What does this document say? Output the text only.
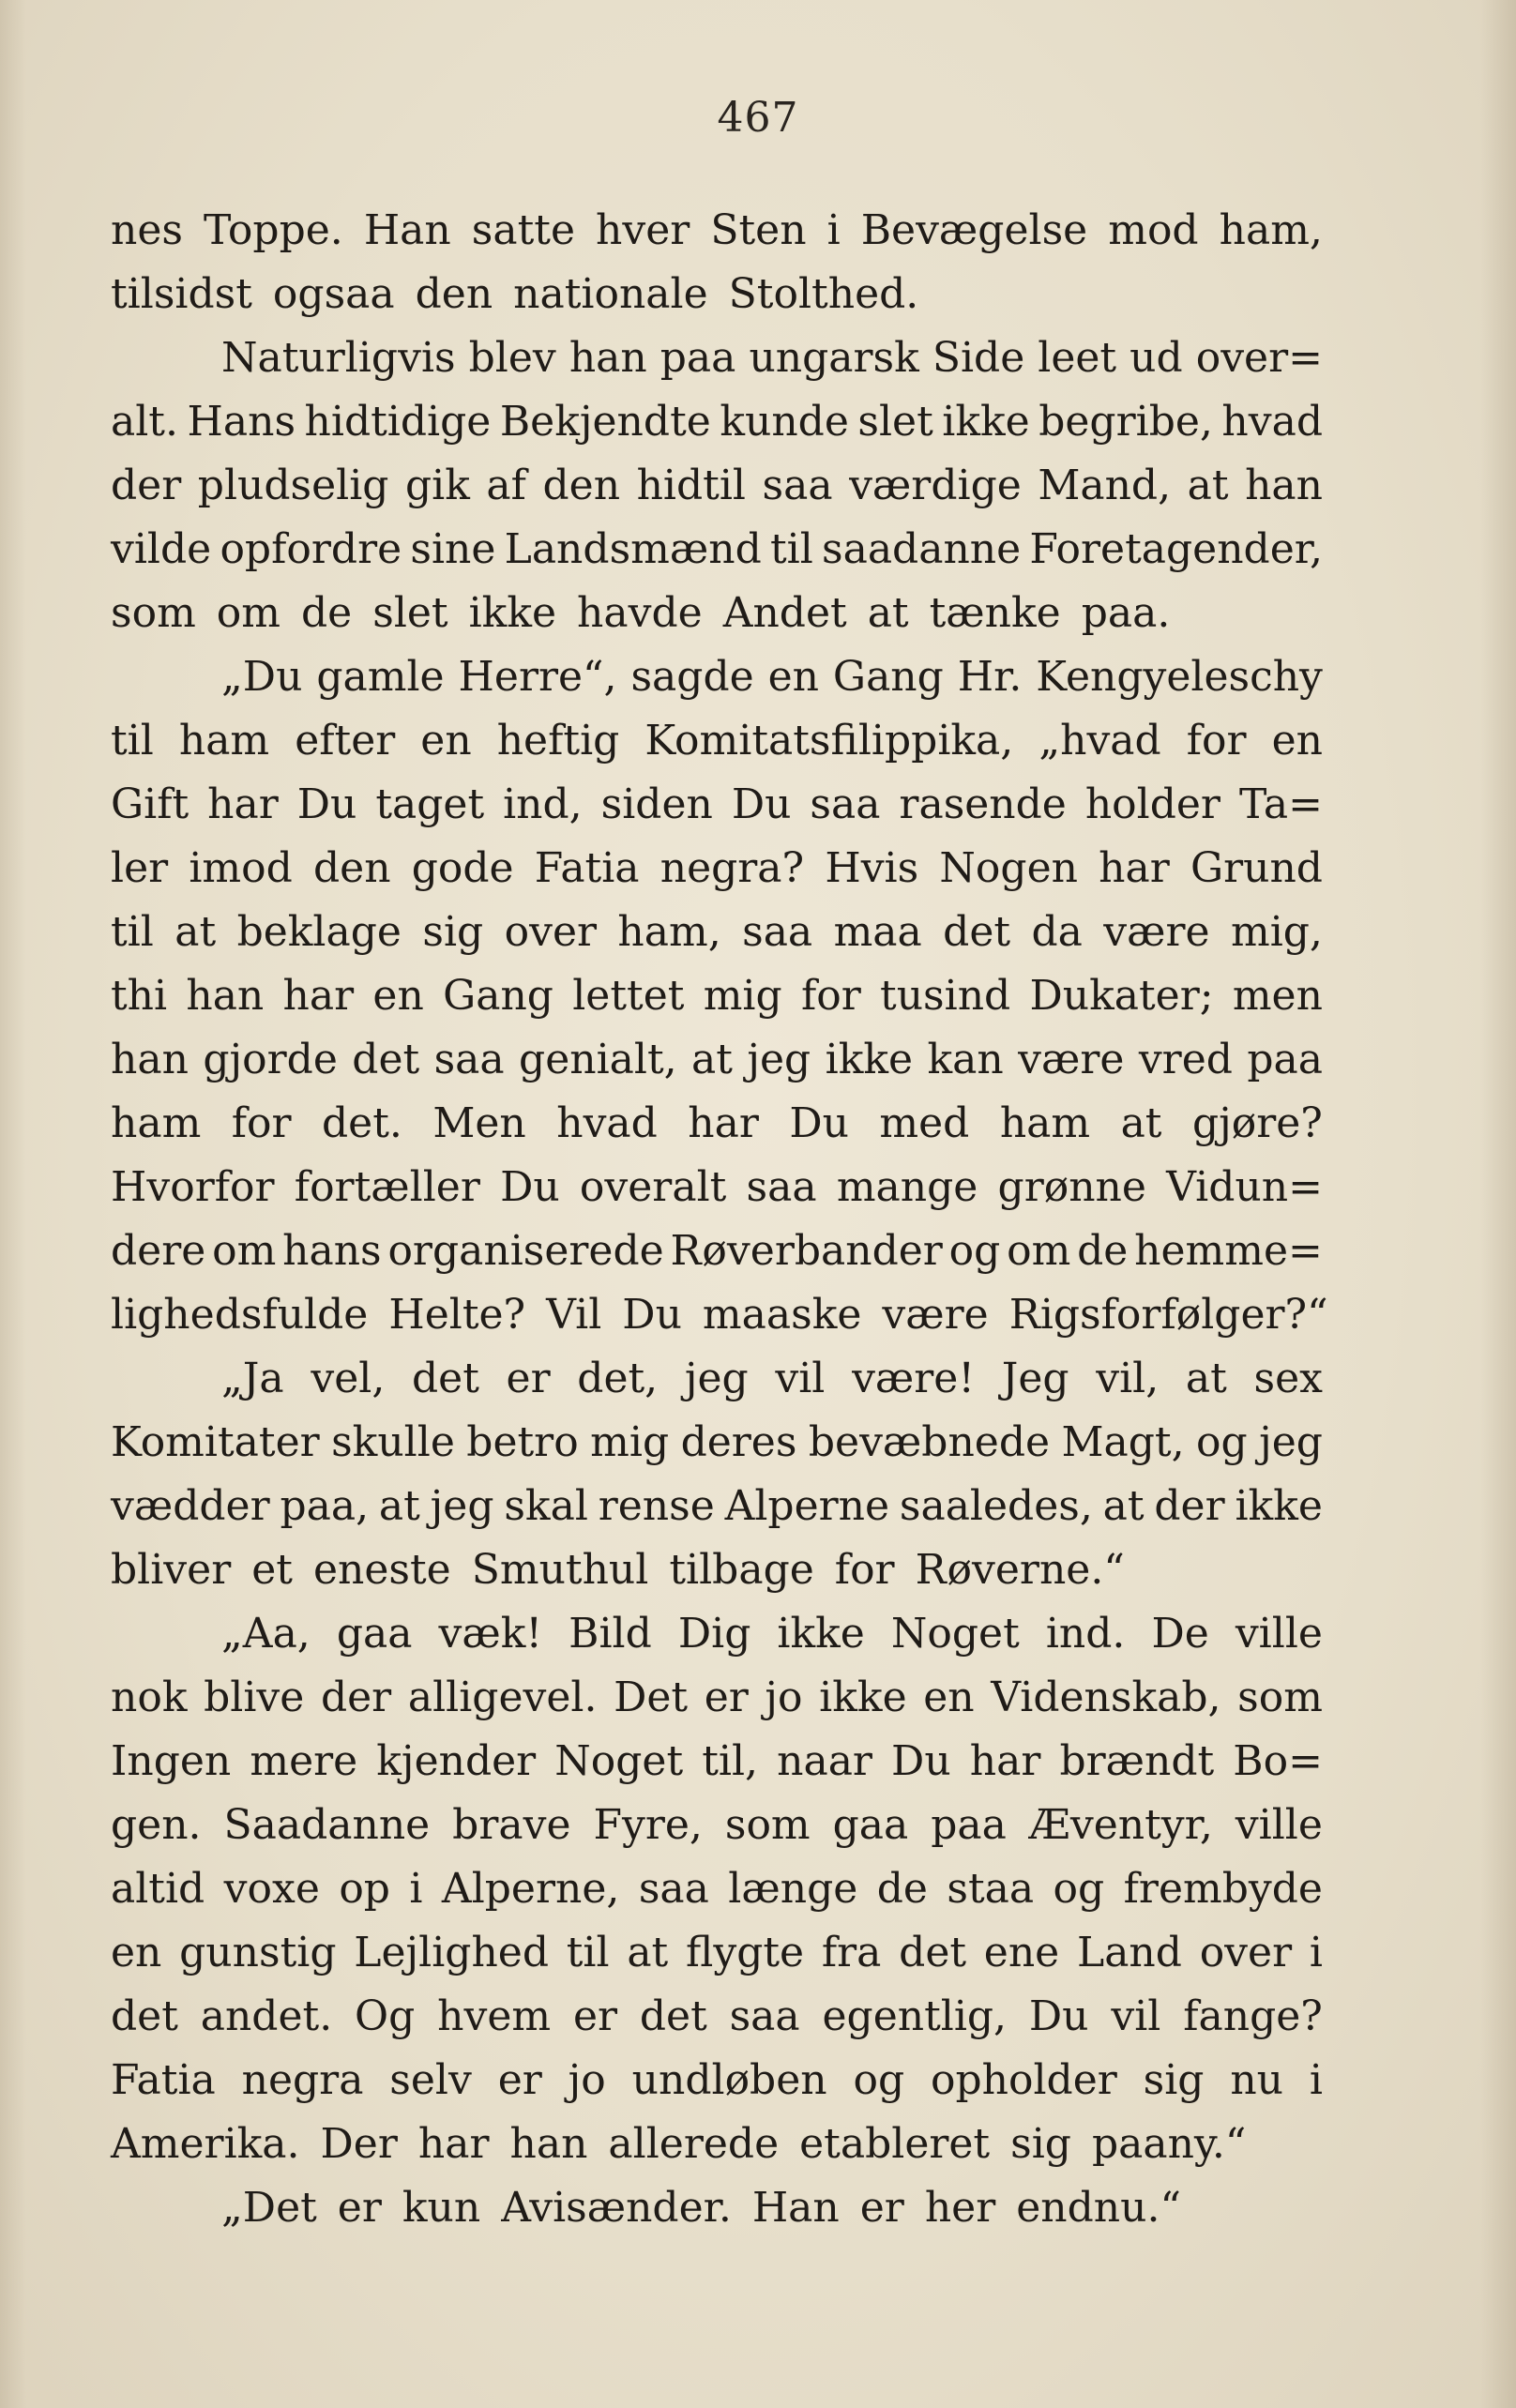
467
nes Toppe. Han satte hver Sten i Bevægelse mod ham,
tilsidst ogsaa den nationale Stolthed.
Naturligvis blev han paa ungarsk Side leet ud over=
alt. Hans hidtidige Bekjendte kunde slet ikke begribe, hvad
der pludselig gik af den hidtil saa værdige Mand, at han
vilde opfordre sine Landsmænd til saadanne Foretagender,
som om de slet ikke havde Andet at tænke paa.
„Du gamle Herre“, sagde en Gang Hr. Kengyeleschy
til ham efter en heftig Komitatsfilippika, „hvad for en
Gift har Du taget ind, siden Du saa rasende holder Ta=
ler imod den gode Fatia negra? Hvis Nogen har Grund
til at beklage sig over ham, saa maa det da være mig,
thi han har en Gang lettet mig for tusind Dukater; men
han gjorde det saa genialt, at jeg ikke kan være vred paa
ham for det. Men hvad har Du med ham at gjøre?
Hvorfor fortæller Du overalt saa mange grønne Vidun=
dere om hans organiserede Røverbander og om de hemme=
lighedsfulde Helte? Vil Du maaske være Rigsforfølger?“
„Ja vel, det er det, jeg vil være! Jeg vil, at sex
Komitater skulle betro mig deres bevæbnede Magt, og jeg
vædder paa, at jeg skal rense Alperne saaledes, at der ikke
bliver et eneste Smuthul tilbage for Røverne.“
„Aa, gaa væk! Bild Dig ikke Noget ind. De ville
nok blive der alligevel. Det er jo ikke en Videnskab, som
Ingen mere kjender Noget til, naar Du har brændt Bo=
gen. Saadanne brave Fyre, som gaa paa Æventyr, ville
altid voxe op i Alperne, saa længe de staa og frembyde
en gunstig Lejlighed til at flygte fra det ene Land over i
det andet. Og hvem er det saa egentlig, Du vil fange?
Fatia negra selv er jo undløben og opholder sig nu i
Amerika. Der har han allerede etableret sig paany.“
„Det er kun Avisænder. Han er her endnu.“
